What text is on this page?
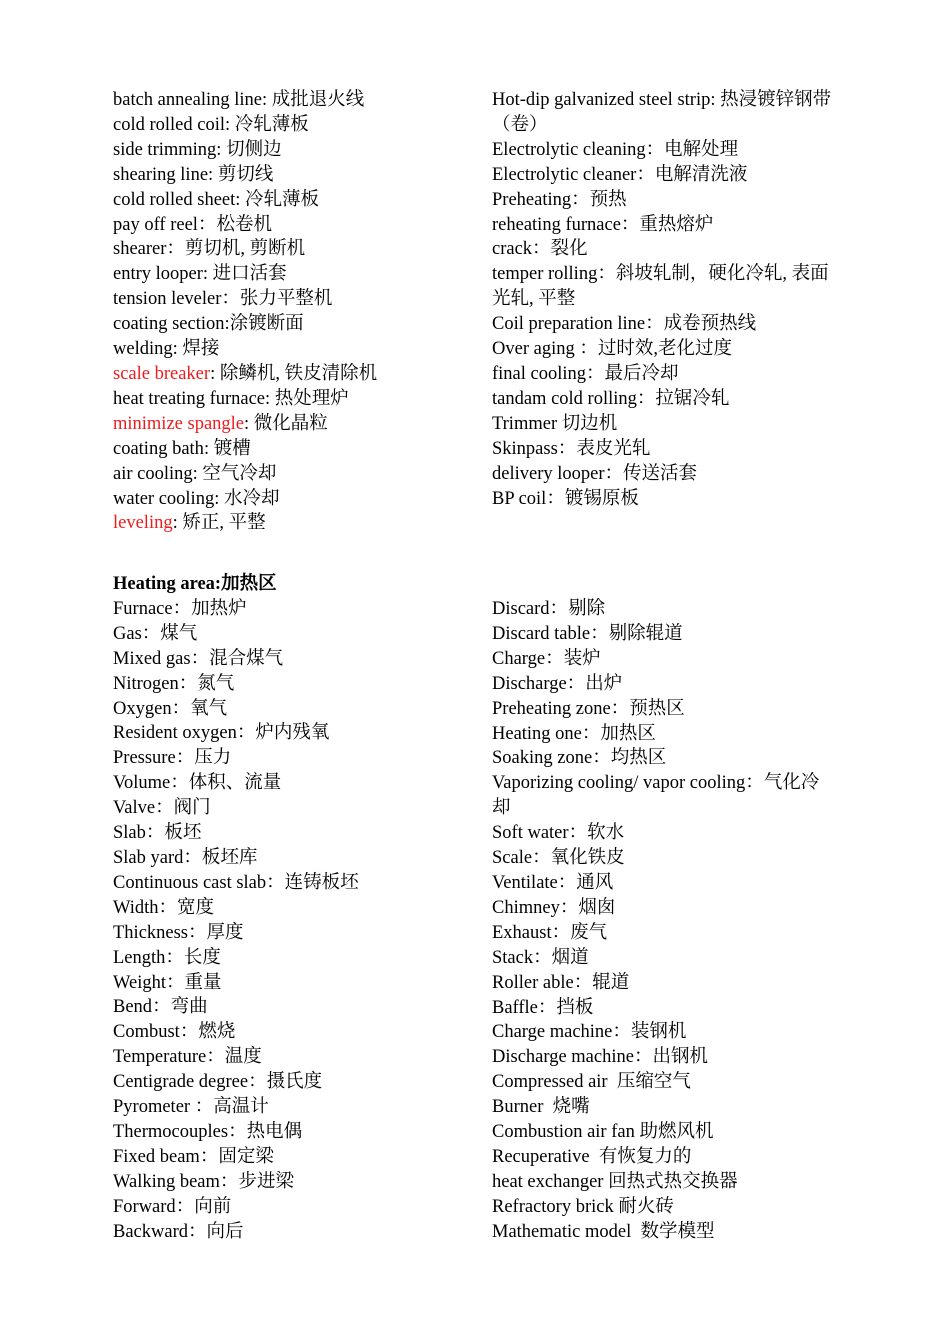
batch annealing line: 成批退火线
cold rolled coil: 冷轧薄板
side trimming: 切侧边
shearing line: 剪切线
cold rolled sheet: 冷轧薄板
pay off reel：松卷机
shearer：剪切机, 剪断机
entry looper: 进口活套
tension leveler：张力平整机
coating section:涂镀断面
welding: 焊接
scale breaker: 除鳞机, 铁皮清除机
heat treating furnace: 热处理炉
minimize spangle: 微化晶粒
coating bath: 镀槽
air cooling: 空气冷却
water cooling: 水冷却
leveling: 矫正, 平整
Hot-dip galvanized steel strip: 热浸镀锌钢带（卷）
Electrolytic cleaning：电解处理
Electrolytic cleaner：电解清洗液
Preheating：预热
reheating furnace：重热熔炉
crack：裂化
temper rolling：斜坡轧制，硬化冷轧, 表面光轧, 平整
Coil preparation line：成卷预热线
Over aging ：过时效,老化过度
final cooling：最后冷却
tandam cold rolling：拉锯冷轧
Trimmer 切边机
Skinpass：表皮光轧
delivery looper：传送活套
BP coil：镀锡原板
Heating area:加热区
Furnace：加热炉
Gas：煤气
Mixed gas：混合煤气
Nitrogen：氮气
Oxygen：氧气
Resident oxygen：炉内残氧
Pressure：压力
Volume：体积、流量
Valve：阀门
Slab：板坯
Slab yard：板坯库
Continuous cast slab：连铸板坯
Width：宽度
Thickness：厚度
Length：长度
Weight：重量
Bend：弯曲
Combust：燃烧
Temperature：温度
Centigrade degree：摄氏度
Pyrometer ：高温计
Thermocouples：热电偶
Fixed beam：固定梁
Walking beam：步进梁
Forward：向前
Backward：向后
Discard：剔除
Discard table：剔除辊道
Charge：装炉
Discharge：出炉
Preheating zone：预热区
Heating one：加热区
Soaking zone：均热区
Vaporizing cooling/ vapor cooling：气化冷却
Soft water：软水
Scale：氧化铁皮
Ventilate：通风
Chimney：烟囱
Exhaust：废气
Stack：烟道
Roller able：辊道
Baffle：挡板
Charge machine：装钢机
Discharge machine：出钢机
Compressed air 压缩空气
Burner 烧嘴
Combustion air fan 助燃风机
Recuperative 有恢复力的
heat exchanger 回热式热交换器
Refractory brick 耐火砖
Mathematic model 数学模型
